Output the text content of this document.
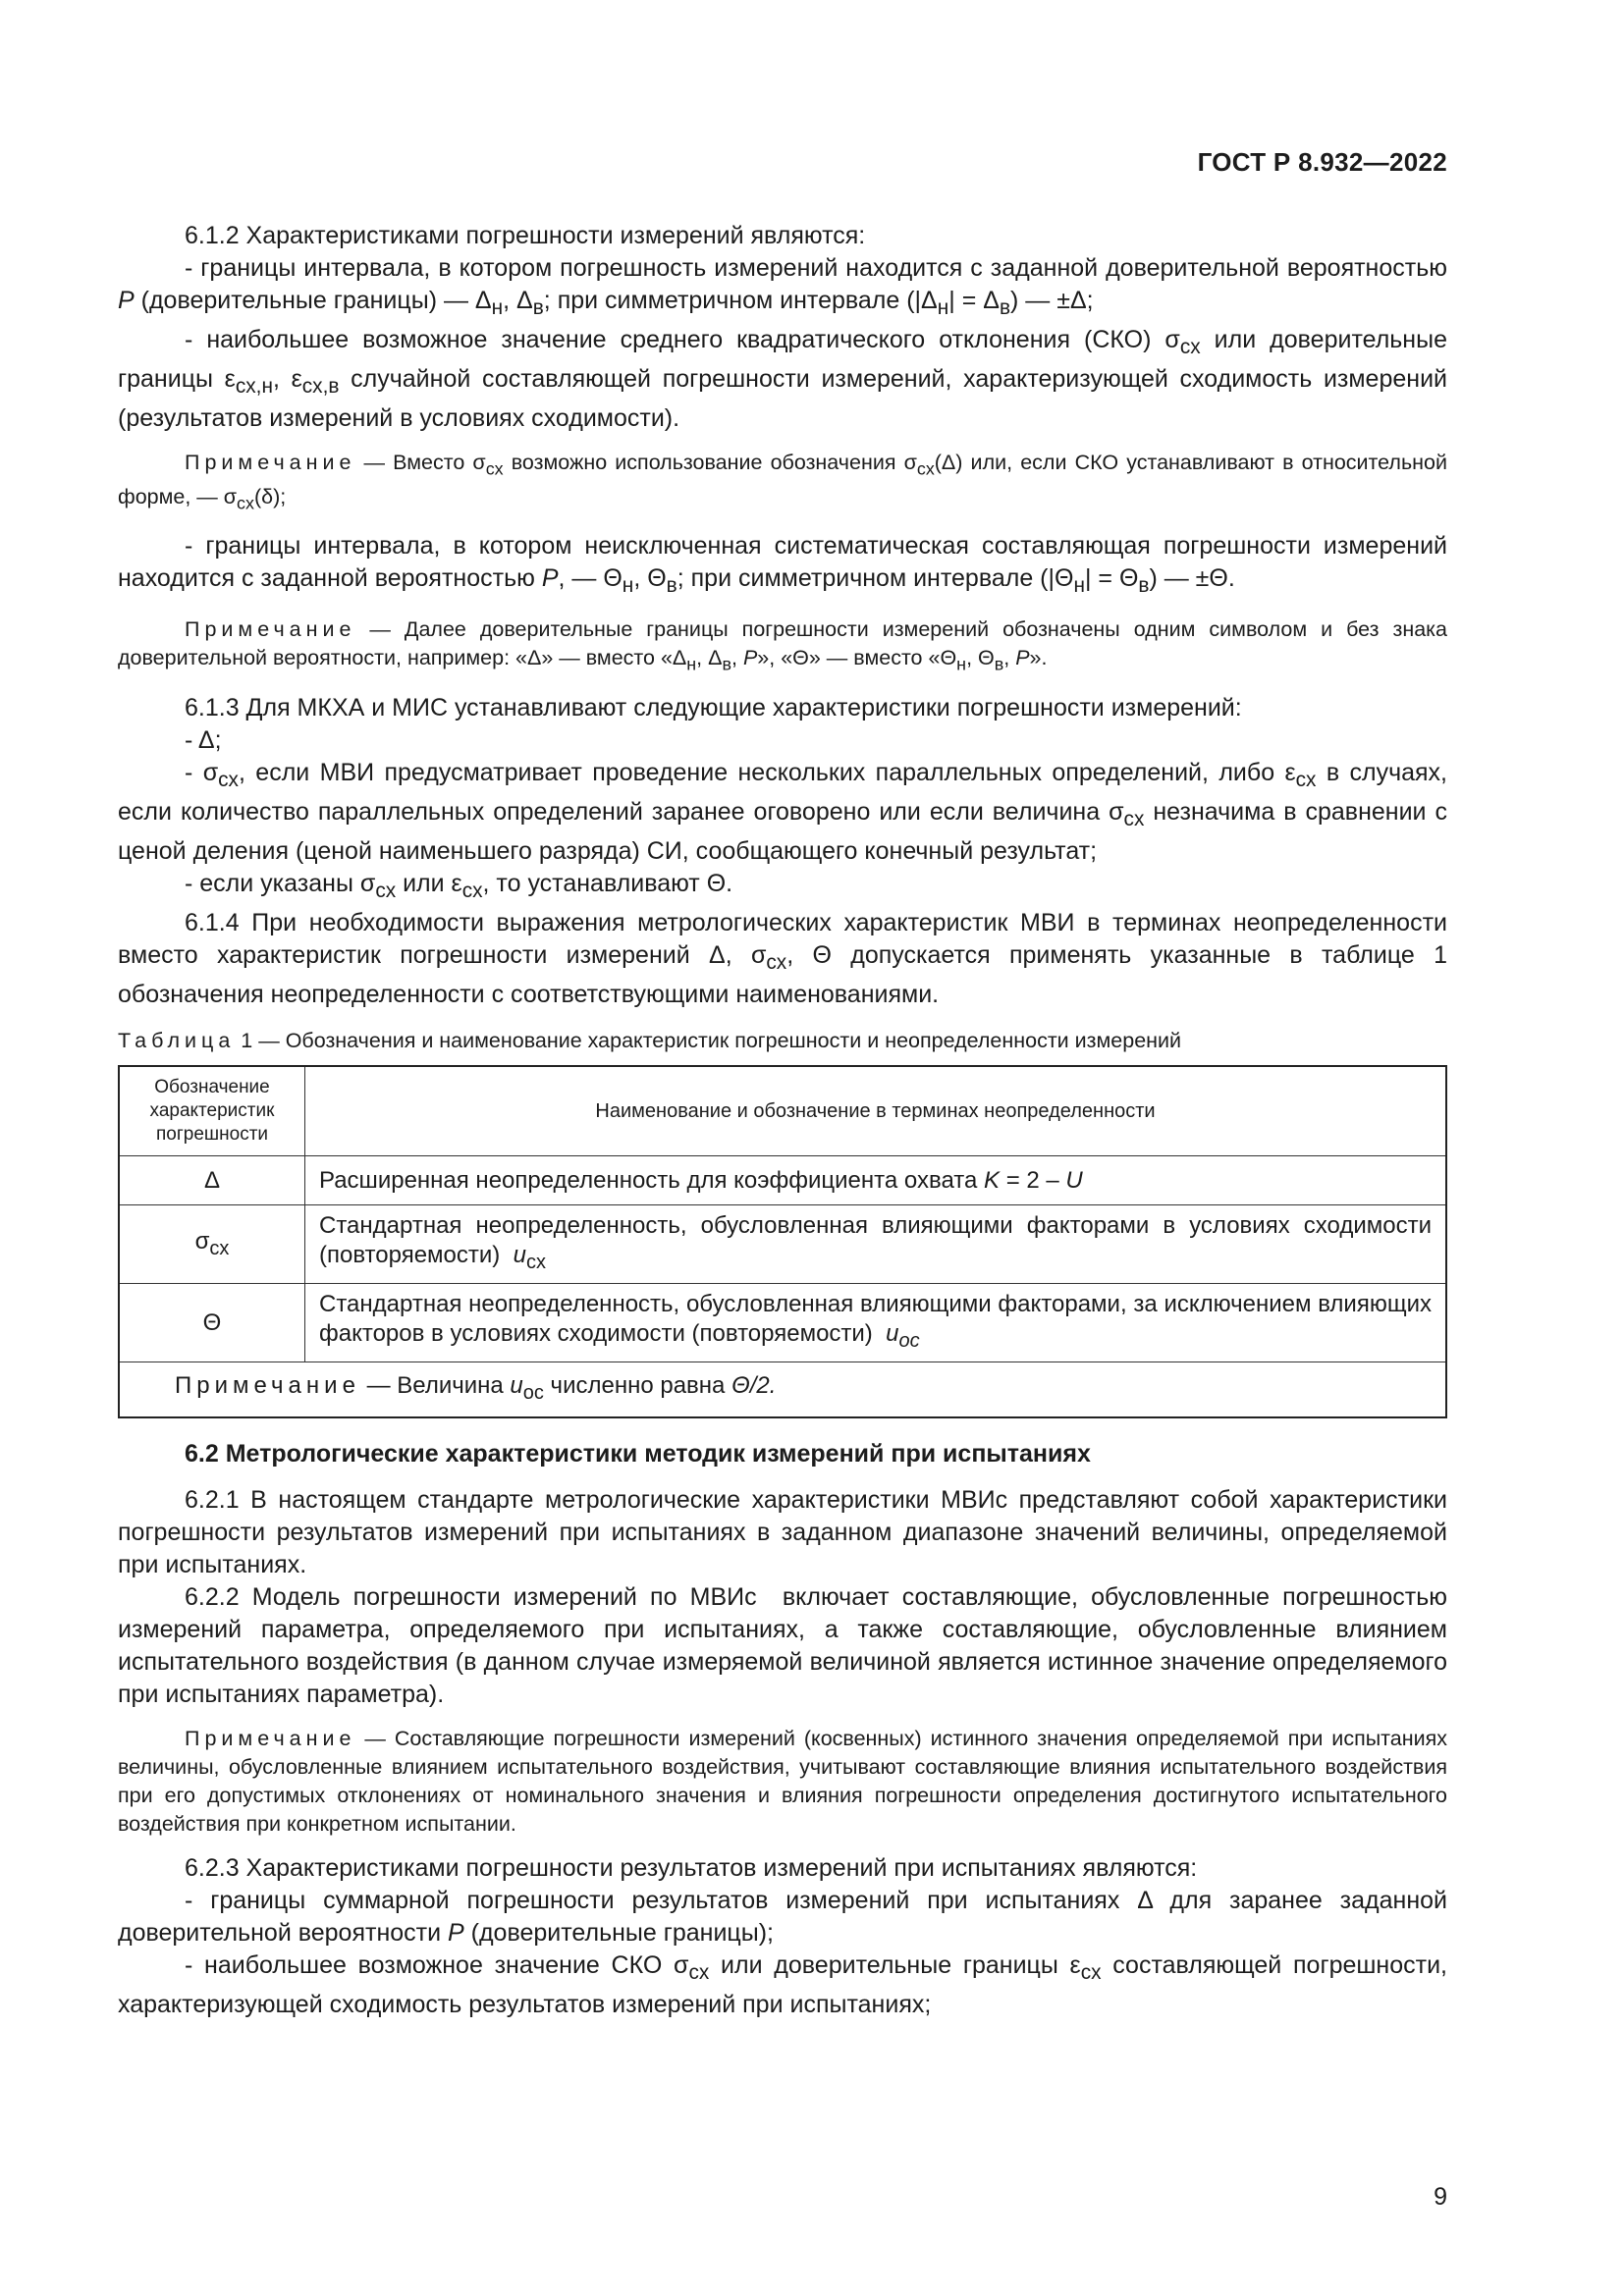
ГОСТ Р 8.932—2022

6.1.2 Характеристиками погрешности измерений являются:

- границы интервала, в котором погрешность измерений находится с заданной доверительной вероятностью P (доверительные границы) — $\Delta_н$, $\Delta_в$; при симметричном интервале $(|\Delta_н| = \Delta_в)$ — ±Δ;

- наибольшее возможное значение среднего квадратического отклонения (СКО) $\sigma_{сх}$ или доверительные границы $\varepsilon_{сх,н}$, $\varepsilon_{сх,в}$ случайной составляющей погрешности измерений, характеризующей сходимость измерений (результатов измерений в условиях сходимости).

Примечание — Вместо $\sigma_{сх}$ возможно использование обозначения $\sigma_{сх}(\Delta)$ или, если СКО устанавливают в относительной форме, — $\sigma_{сх}(\delta)$;

- границы интервала, в котором неисключенная систематическая составляющая погрешности измерений находится с заданной вероятностью P, — $\Theta_н$, $\Theta_в$; при симметричном интервале $(|\Theta_н| = \Theta_в)$ — ±Θ.

Примечание — Далее доверительные границы погрешности измерений обозначены одним символом и без знака доверительной вероятности, например: «Δ» — вместо «$\Delta_н$, $\Delta_в$, P», «Θ» — вместо «$\Theta_н$, $\Theta_в$, P».

6.1.3 Для МКХА и МИС устанавливают следующие характеристики погрешности измерений:

- Δ;

- $\sigma_{сх}$, если МВИ предусматривает проведение нескольких параллельных определений, либо $\varepsilon_{сх}$ в случаях, если количество параллельных определений заранее оговорено или если величина $\sigma_{сх}$ незначима в сравнении с ценой деления (ценой наименьшего разряда) СИ, сообщающего конечный результат;

- если указаны $\sigma_{сх}$ или $\varepsilon_{сх}$, то устанавливают Θ.

6.1.4 При необходимости выражения метрологических характеристик МВИ в терминах неопределенности вместо характеристик погрешности измерений Δ, $\sigma_{сх}$, Θ допускается применять указанные в таблице 1 обозначения неопределенности с соответствующими наименованиями.

Таблица 1 — Обозначения и наименование характеристик погрешности и неопределенности измерений

Обозначение характеристик погрешности	Наименование и обозначение в терминах неопределенности
Δ	Расширенная неопределенность для коэффициента охвата K = 2 – U
$\sigma_{сх}$	Стандартная неопределенность, обусловленная влияющими факторами в условиях сходимости (повторяемости)  $u_{сх}$
Θ	Стандартная неопределенность, обусловленная влияющими факторами, за исключением влияющих факторов в условиях сходимости (повторяемости)  $u_{ос}$
Примечание — Величина $u_{ос}$ численно равна Θ/2.	

6.2 Метрологические характеристики методик измерений при испытаниях

6.2.1 В настоящем стандарте метрологические характеристики МВИс представляют собой характеристики погрешности результатов измерений при испытаниях в заданном диапазоне значений величины, определяемой при испытаниях.

6.2.2 Модель погрешности измерений по МВИс  включает составляющие, обусловленные погрешностью измерений параметра, определяемого при испытаниях, а также составляющие, обусловленные влиянием испытательного воздействия (в данном случае измеряемой величиной является истинное значение определяемого при испытаниях параметра).

Примечание — Составляющие погрешности измерений (косвенных) истинного значения определяемой при испытаниях величины, обусловленные влиянием испытательного воздействия, учитывают составляющие влияния испытательного воздействия при его допустимых отклонениях от номинального значения и влияния погрешности определения достигнутого испытательного воздействия при конкретном испытании.

6.2.3 Характеристиками погрешности результатов измерений при испытаниях являются:

- границы суммарной погрешности результатов измерений при испытаниях Δ для заранее заданной доверительной вероятности P (доверительные границы);

- наибольшее возможное значение СКО $\sigma_{сх}$ или доверительные границы $\varepsilon_{сх}$ составляющей погрешности, характеризующей сходимость результатов измерений при испытаниях;

9
